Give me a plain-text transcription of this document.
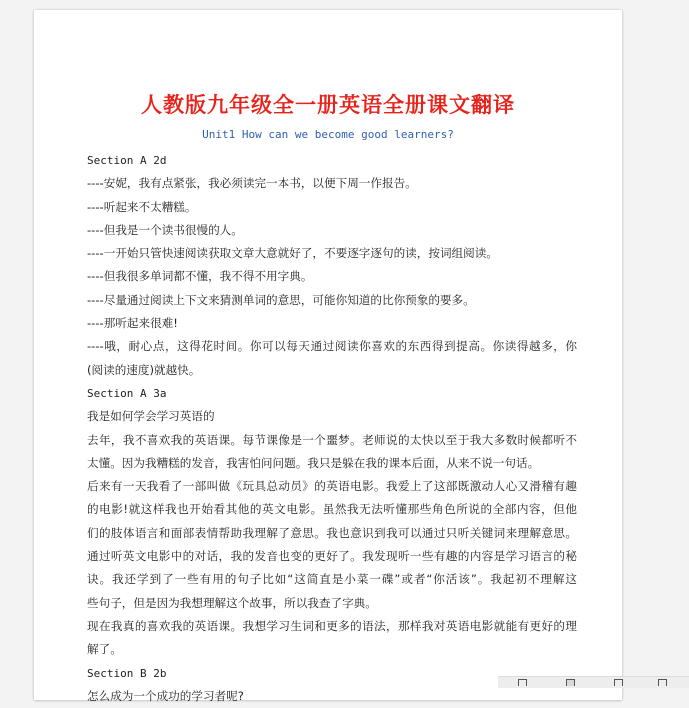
人教版九年级全一册英语全册课文翻译
Unit1 How can we become good learners?
Section A 2d
----安妮，我有点紧张，我必须读完一本书，以便下周一作报告。
----听起来不太糟糕。
----但我是一个读书很慢的人。
----一开始只管快速阅读获取文章大意就好了，不要逐字逐句的读，按词组阅读。
----但我很多单词都不懂，我不得不用字典。
----尽量通过阅读上下文来猜测单词的意思，可能你知道的比你预象的要多。
----那听起来很难!
----哦，耐心点，这得花时间。你可以每天通过阅读你喜欢的东西得到提高。你读得越多，你
(阅读的速度)就越快。
Section A 3a
我是如何学会学习英语的
去年，我不喜欢我的英语课。每节课像是一个噩梦。老师说的太快以至于我大多数时候都听不
太懂。因为我糟糕的发音，我害怕问问题。我只是躲在我的课本后面，从来不说一句话。
后来有一天我看了一部叫做《玩具总动员》的英语电影。我爱上了这部既激动人心又滑稽有趣
的电影!就这样我也开始看其他的英文电影。虽然我无法听懂那些角色所说的全部内容，但他
们的肢体语言和面部表情帮助我理解了意思。我也意识到我可以通过只听关键词来理解意思。
通过听英文电影中的对话，我的发音也变的更好了。我发现听一些有趣的内容是学习语言的秘
诀。我还学到了一些有用的句子比如“这简直是小菜一碟”或者“你活该”。我起初不理解这
些句子，但是因为我想理解这个故事，所以我查了字典。
现在我真的喜欢我的英语课。我想学习生词和更多的语法，那样我对英语电影就能有更好的理
解了。
Section B 2b
怎么成为一个成功的学习者呢?
